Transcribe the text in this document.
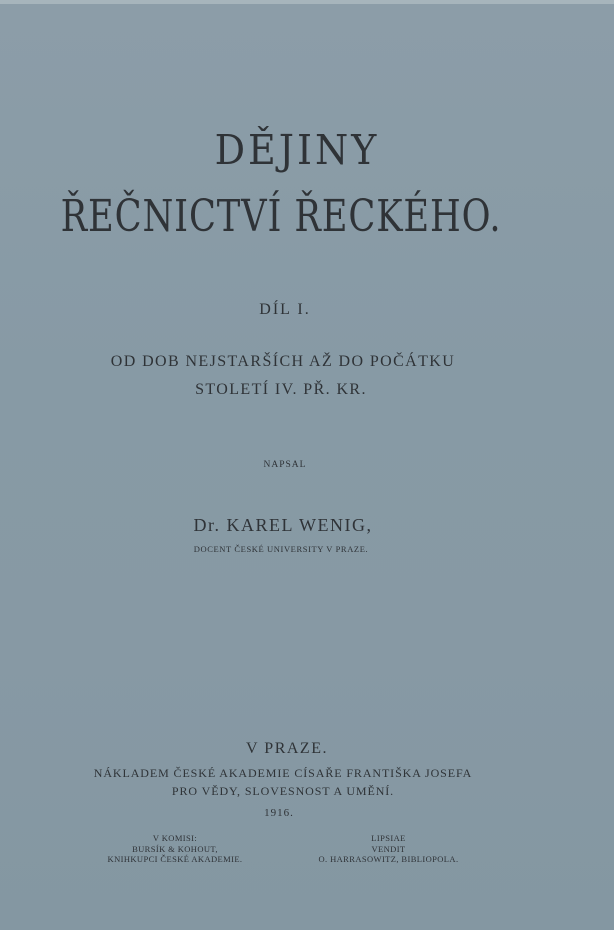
DĚJINY
ŘEČNICTVÍ ŘECKÉHO.
DÍL I.
OD DOB NEJSTARŠÍCH AŽ DO POČÁTKU
STOLETÍ IV. PŘ. KR.
NAPSAL
Dr. KAREL WENIG,
DOCENT ČESKÉ UNIVERSITY V PRAZE.
V PRAZE.
NÁKLADEM ČESKÉ AKADEMIE CÍSAŘE FRANTIŠKA JOSEFA
PRO VĚDY, SLOVESNOST A UMĚNÍ.
1916.
V KOMISI:
BURSÍK & KOHOUT,
KNIHKUPCI ČESKÉ AKADEMIE.
LIPSIAE
VENDIT
O. HARRASOWITZ, BIBLIOPOLA.
